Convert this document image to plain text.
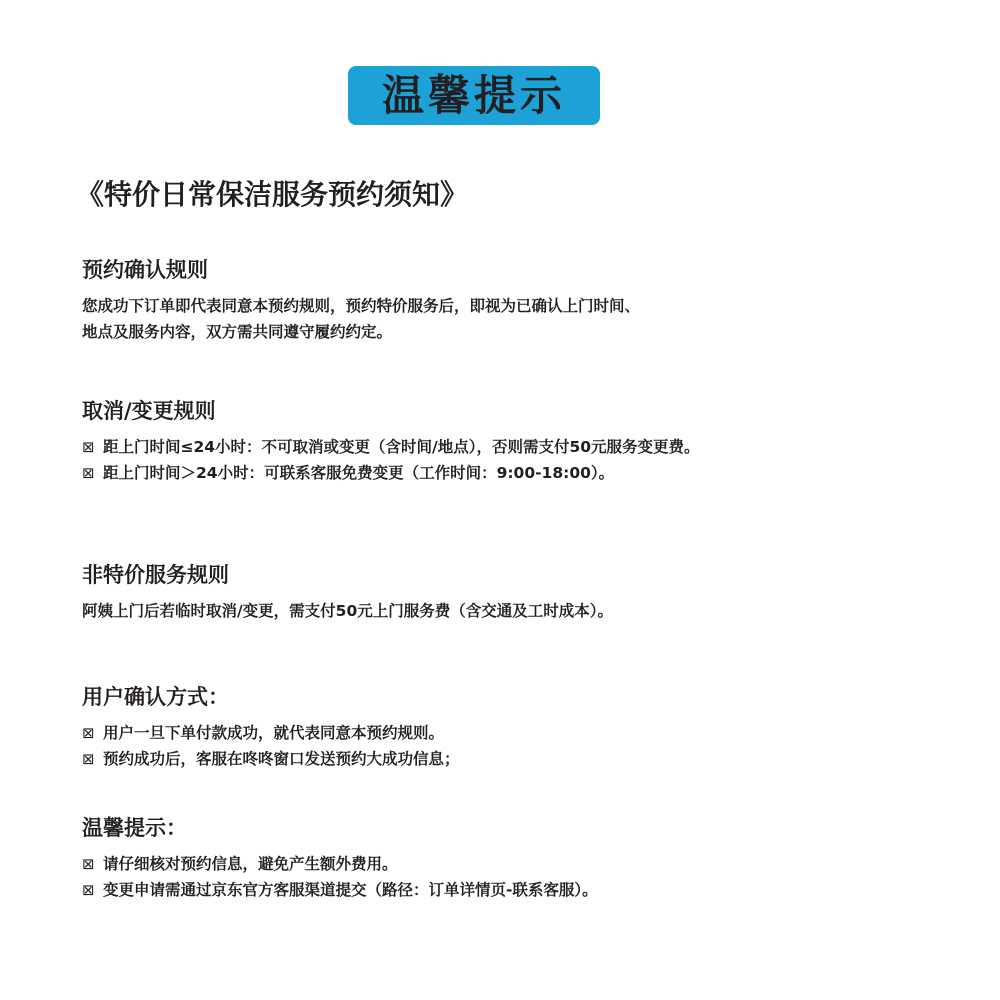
温馨提示
《特价日常保洁服务预约须知》
预约确认规则
您成功下订单即代表同意本预约规则，预约特价服务后，即视为已确认上门时间、
地点及服务内容，双方需共同遵守履约约定。
取消/变更规则
⊠ 距上门时间≤24小时：不可取消或变更（含时间/地点），否则需支付50元服务变更费。
⊠ 距上门时间＞24小时：可联系客服免费变更（工作时间：9:00-18:00）。
非特价服务规则
阿姨上门后若临时取消/变更，需支付50元上门服务费（含交通及工时成本）。
用户确认方式：
⊠ 用户一旦下单付款成功，就代表同意本预约规则。
⊠ 预约成功后，客服在咚咚窗口发送预约大成功信息；
温馨提示：
⊠ 请仔细核对预约信息，避免产生额外费用。
⊠ 变更申请需通过京东官方客服渠道提交（路径：订单详情页-联系客服）。
